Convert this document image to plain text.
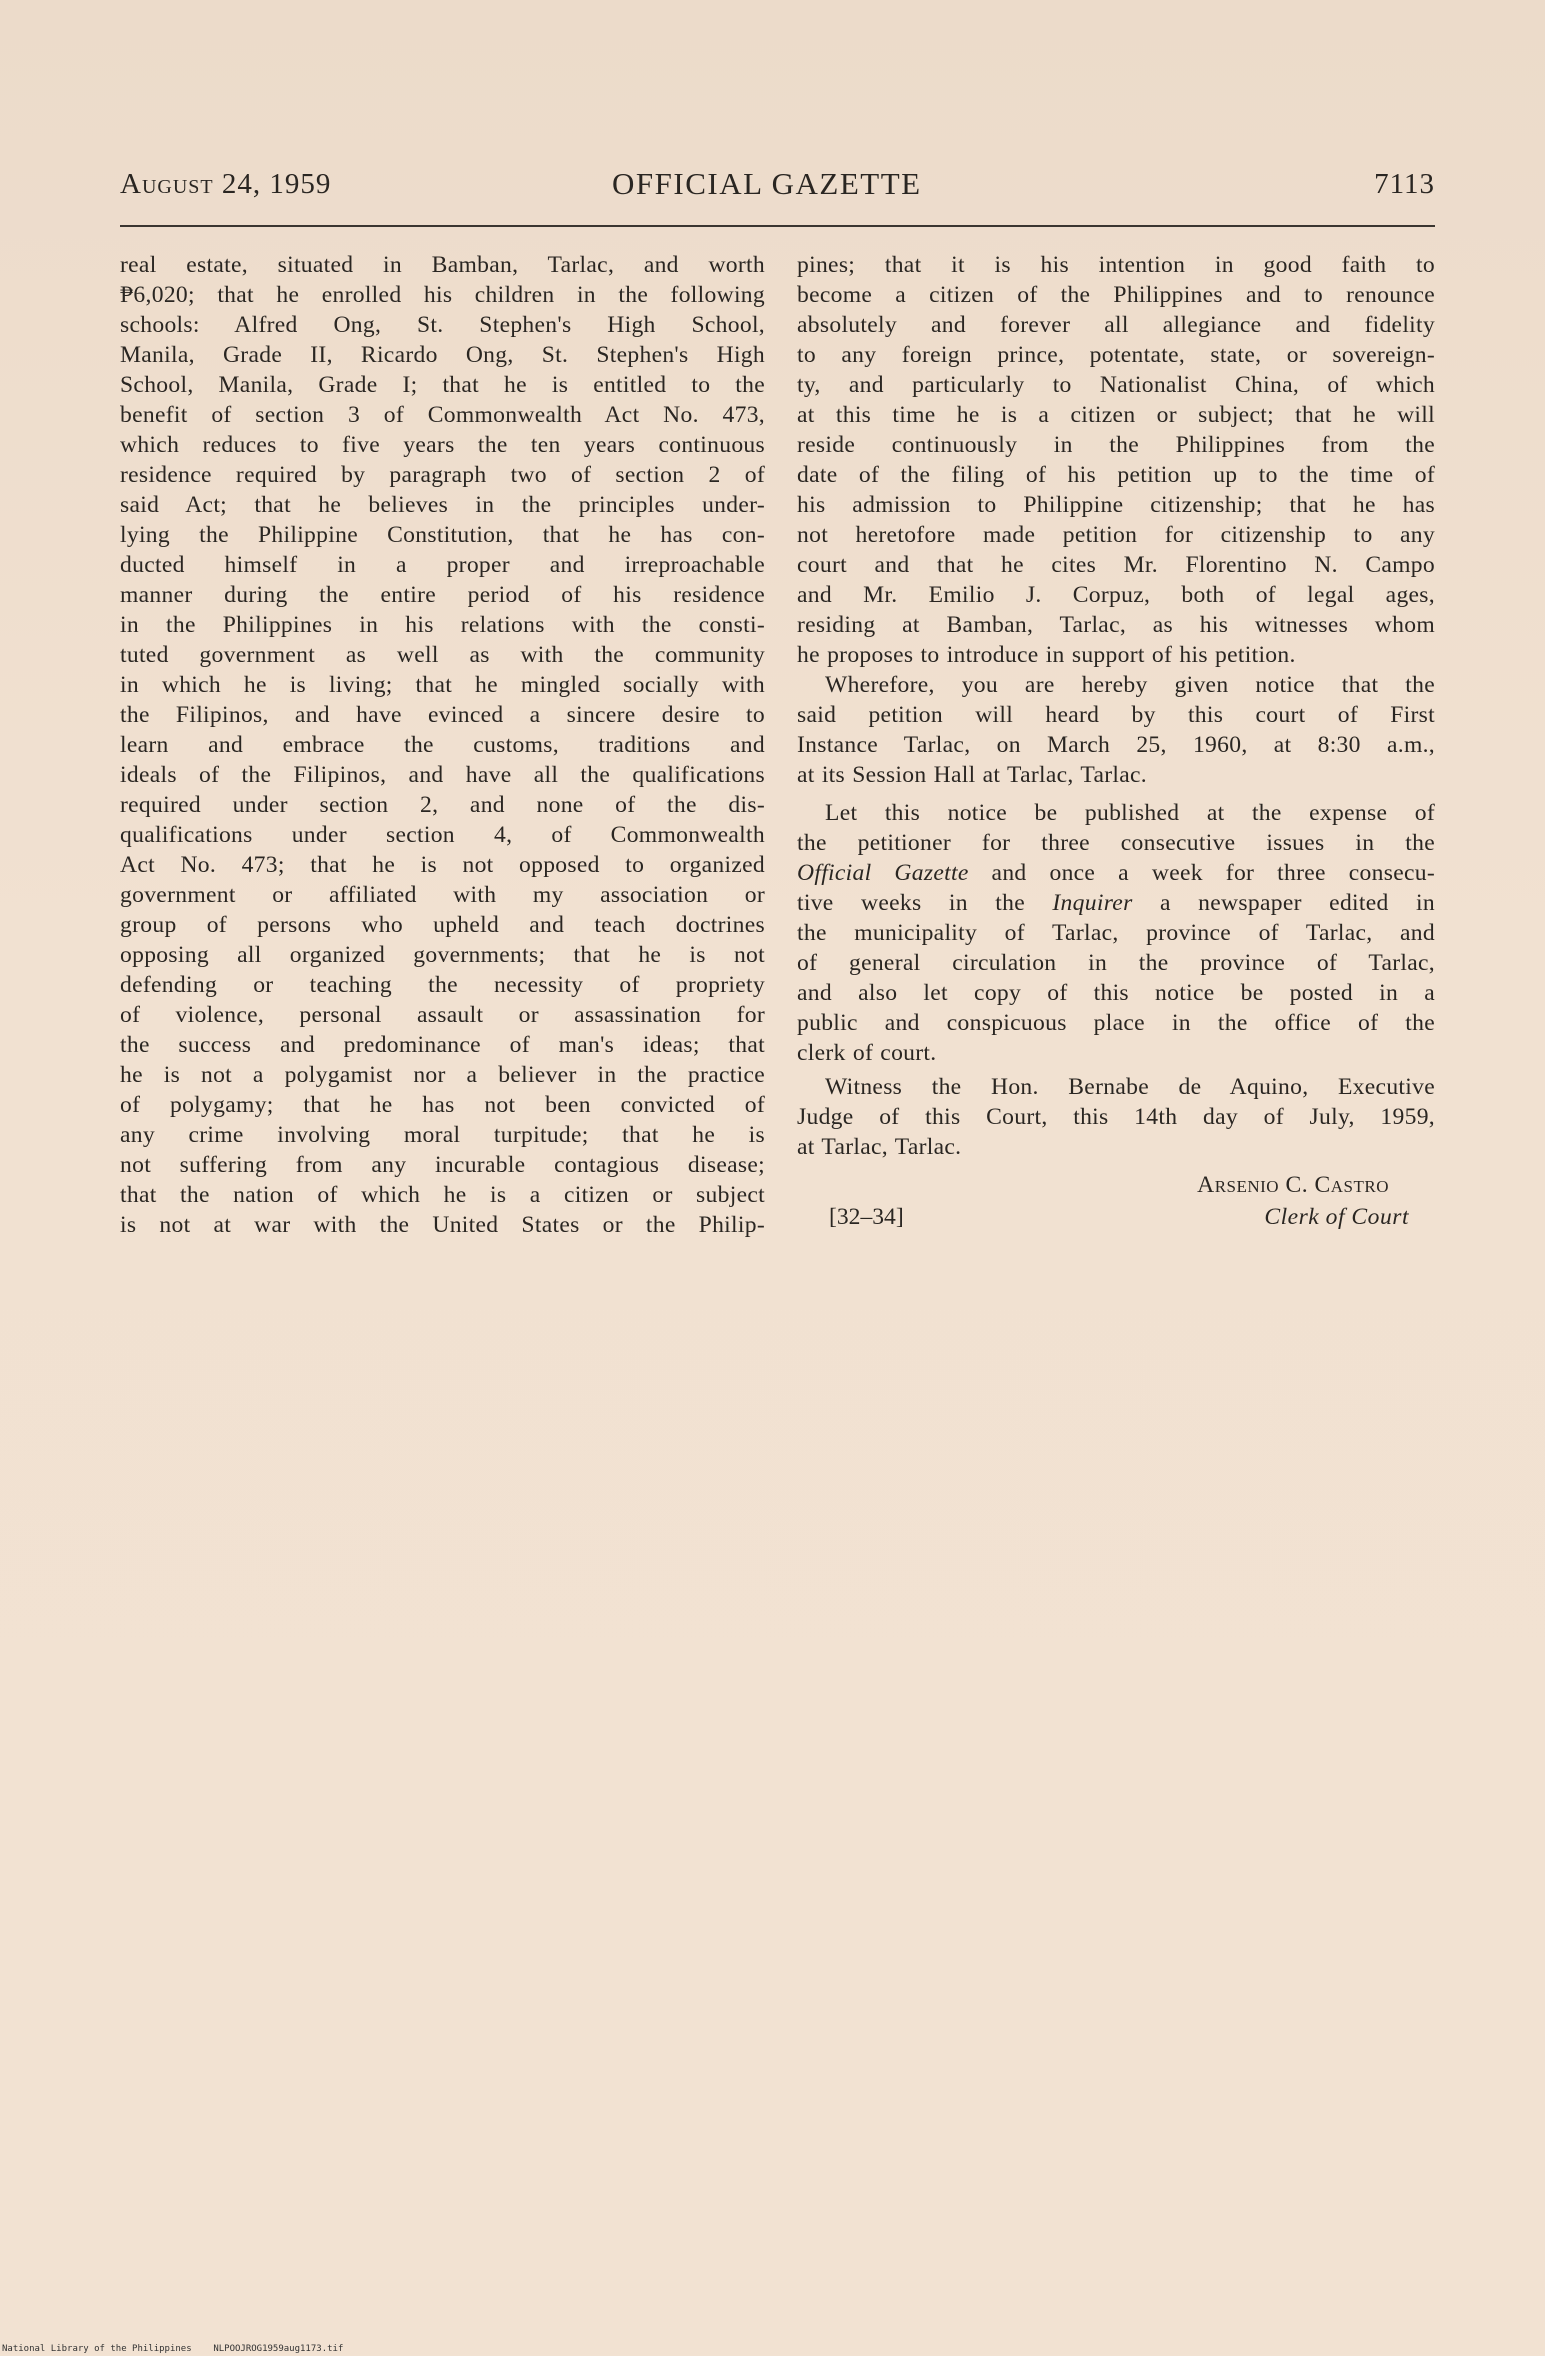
August 24, 1959	OFFICIAL GAZETTE	7113
real estate, situated in Bamban, Tarlac, and worth
₱6,020; that he enrolled his children in the following
schools: Alfred Ong, St. Stephen's High School,
Manila, Grade II, Ricardo Ong, St. Stephen's High
School, Manila, Grade I; that he is entitled to the
benefit of section 3 of Commonwealth Act No. 473,
which reduces to five years the ten years continuous
residence required by paragraph two of section 2 of
said Act; that he believes in the principles under-
lying the Philippine Constitution, that he has con-
ducted himself in a proper and irreproachable
manner during the entire period of his residence
in the Philippines in his relations with the consti-
tuted government as well as with the community
in which he is living; that he mingled socially with
the Filipinos, and have evinced a sincere desire to
learn and embrace the customs, traditions and
ideals of the Filipinos, and have all the qualifications
required under section 2, and none of the dis-
qualifications under section 4, of Commonwealth
Act No. 473; that he is not opposed to organized
government or affiliated with my association or
group of persons who upheld and teach doctrines
opposing all organized governments; that he is not
defending or teaching the necessity of propriety
of violence, personal assault or assassination for
the success and predominance of man's ideas; that
he is not a polygamist nor a believer in the practice
of polygamy; that he has not been convicted of
any crime involving moral turpitude; that he is
not suffering from any incurable contagious disease;
that the nation of which he is a citizen or subject
is not at war with the United States or the Philip-
pines; that it is his intention in good faith to
become a citizen of the Philippines and to renounce
absolutely and forever all allegiance and fidelity
to any foreign prince, potentate, state, or sovereign-
ty, and particularly to Nationalist China, of which
at this time he is a citizen or subject; that he will
reside continuously in the Philippines from the
date of the filing of his petition up to the time of
his admission to Philippine citizenship; that he has
not heretofore made petition for citizenship to any
court and that he cites Mr. Florentino N. Campo
and Mr. Emilio J. Corpuz, both of legal ages,
residing at Bamban, Tarlac, as his witnesses whom
he proposes to introduce in support of his petition.
Wherefore, you are hereby given notice that the
said petition will heard by this court of First
Instance Tarlac, on March 25, 1960, at 8:30 a.m.,
at its Session Hall at Tarlac, Tarlac.
Let this notice be published at the expense of
the petitioner for three consecutive issues in the
Official Gazette and once a week for three consecu-
tive weeks in the Inquirer a newspaper edited in
the municipality of Tarlac, province of Tarlac, and
of general circulation in the province of Tarlac,
and also let copy of this notice be posted in a
public and conspicuous place in the office of the
clerk of court.
Witness the Hon. Bernabe de Aquino, Executive
Judge of this Court, this 14th day of July, 1959,
at Tarlac, Tarlac.
Arsenio C. Castro
[32–34]	Clerk of Court
National Library of the Philippines    NLPOOJROG1959aug1173.tif
